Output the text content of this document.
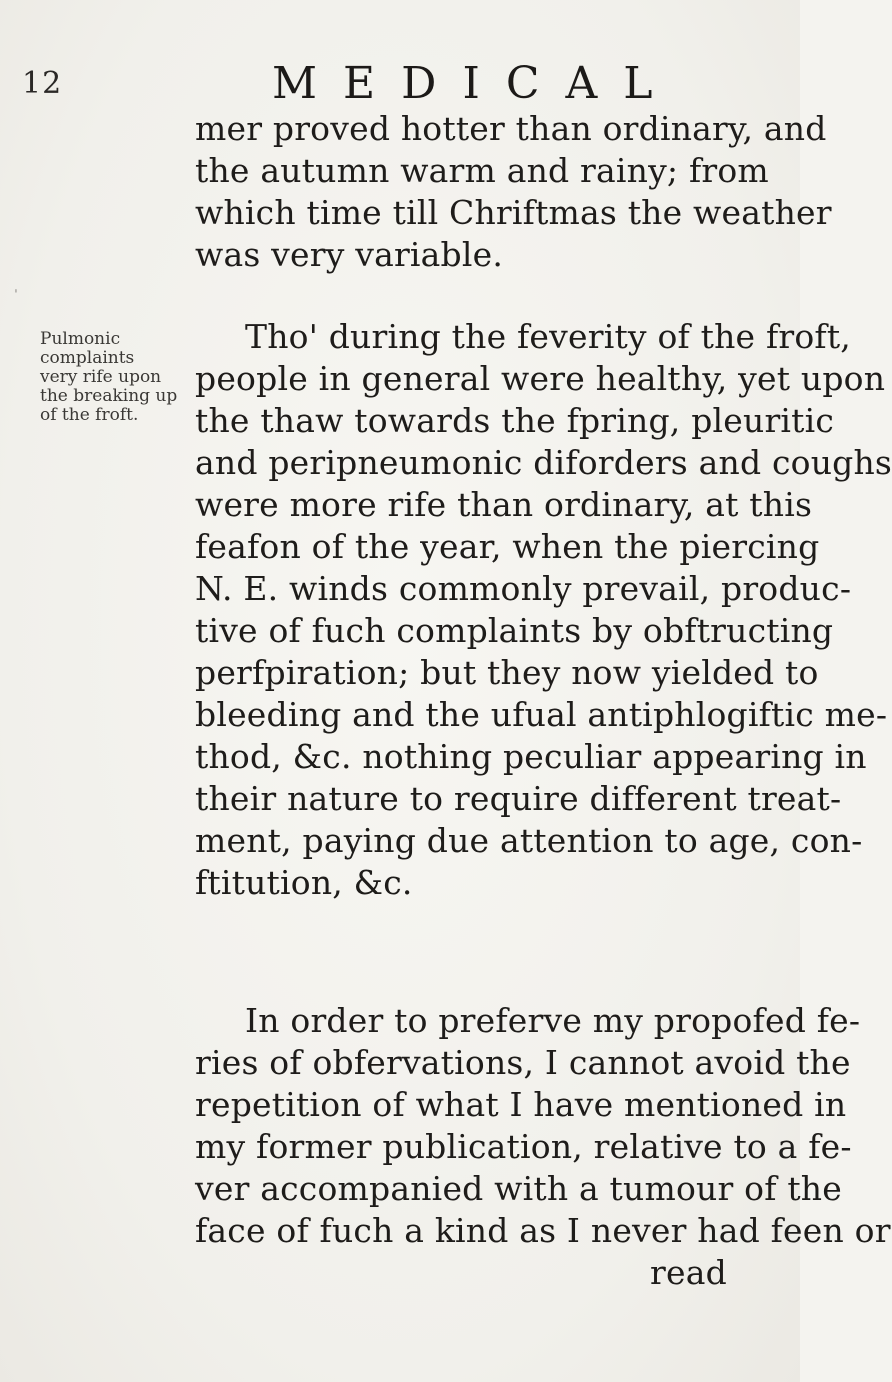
12	MEDICAL
ˈ
Pulmonic
complaints
very rife upon
the breaking up
of the froft.
mer proved hotter than ordinary, and
the autumn warm and rainy; from
which time till Chriftmas the weather
was very variable.
Tho' during the feverity of the froft,
people in general were healthy, yet upon
the thaw towards the fpring, pleuritic
and peripneumonic diforders and coughs
were more rife than ordinary, at this
feafon of the year, when the piercing
N. E. winds commonly prevail, produc-
tive of fuch complaints by obftructing
perfpiration; but they now yielded to
bleeding and the ufual antiphlogiftic me-
thod, &c. nothing peculiar appearing in
their nature to require different treat-
ment, paying due attention to age, con-
ftitution, &c.
In order to preferve my propofed fe-
ries of obfervations, I cannot avoid the
repetition of what I have mentioned in
my former publication, relative to a fe-
ver accompanied with a tumour of the
face of fuch a kind as I never had feen or
read
